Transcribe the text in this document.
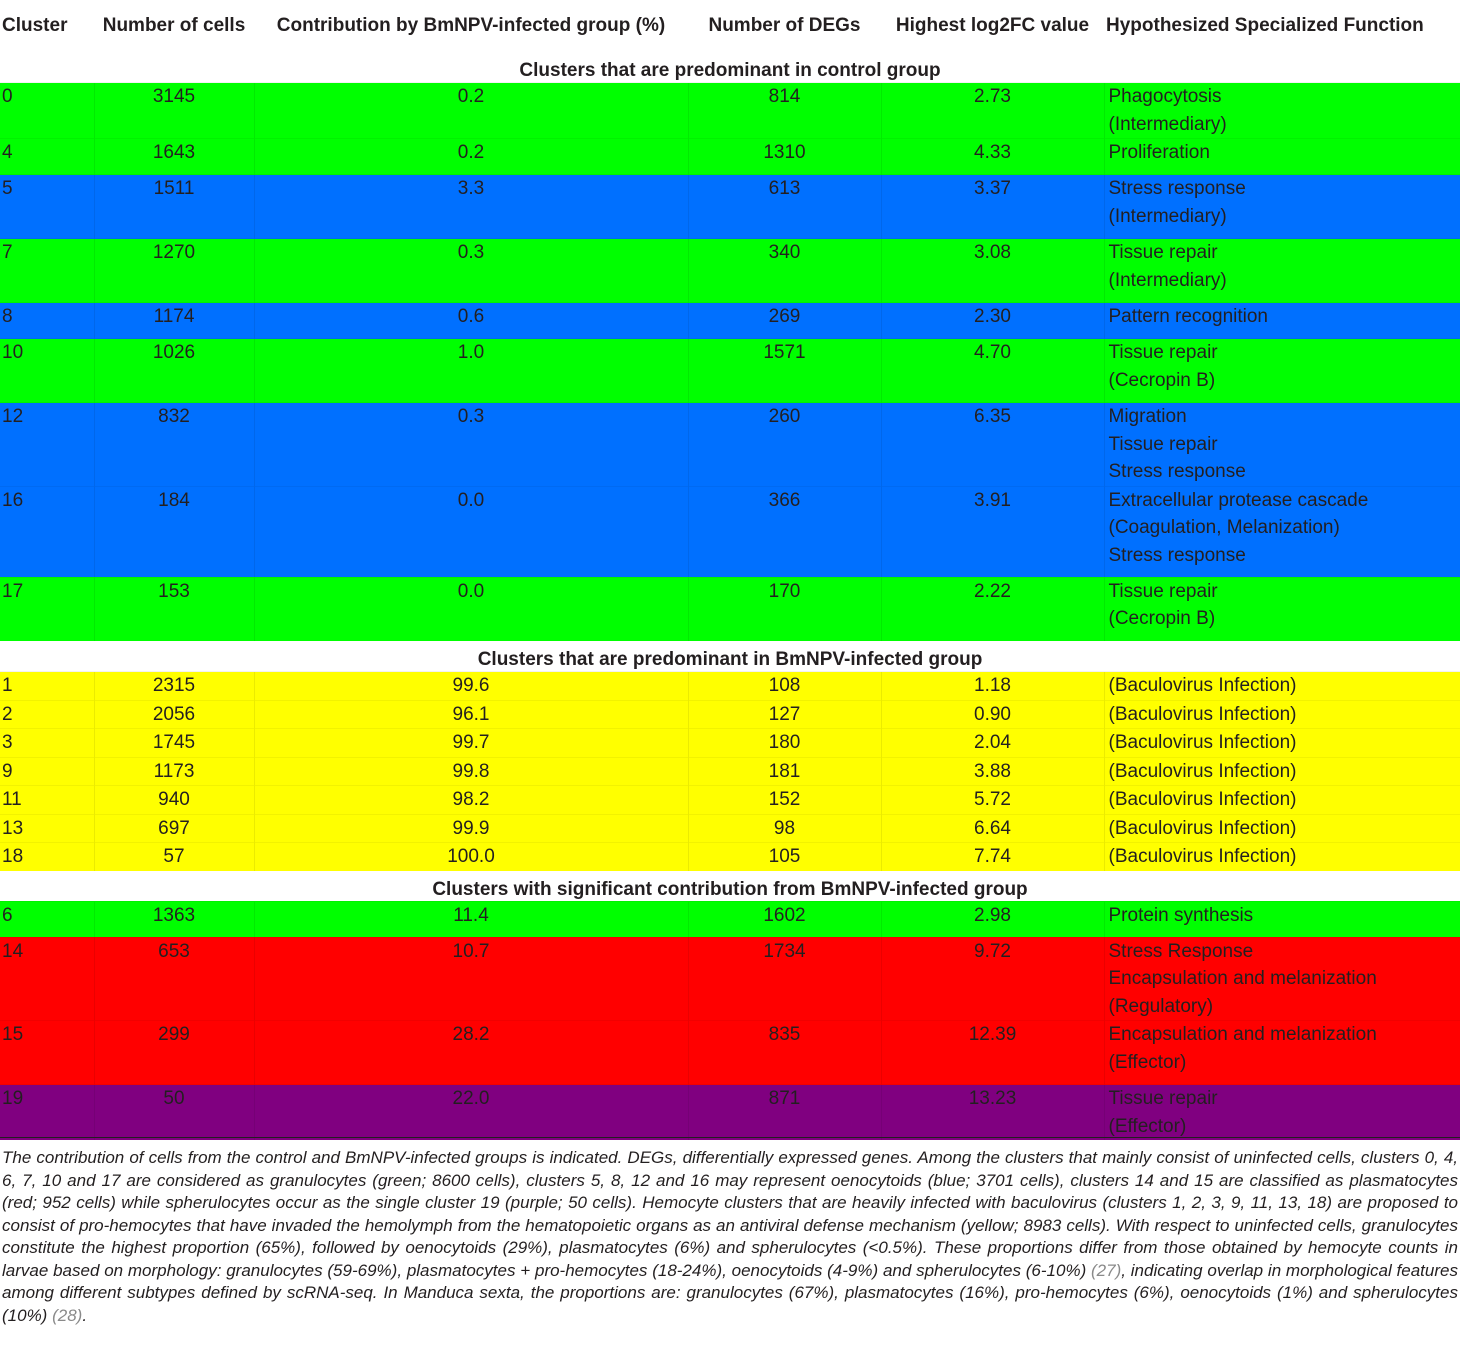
Cluster	Number of cells	Contribution by BmNPV-infected group (%)	Number of DEGs	Highest log2FC value	Hypothesized Specialized Function
Clusters that are predominant in control group					
0	3145	0.2	814	2.73	Phagocytosis
(Intermediary)

4	1643	0.2	1310	4.33	Proliferation

5	1511	3.3	613	3.37	Stress response
(Intermediary)

7	1270	0.3	340	3.08	Tissue repair
(Intermediary)

8	1174	0.6	269	2.30	Pattern recognition

10	1026	1.0	1571	4.70	Tissue repair
(Cecropin B)

12	832	0.3	260	6.35	Migration
Tissue repair
Stress response

16	184	0.0	366	3.91	Extracellular protease cascade
(Coagulation, Melanization)
Stress response

17	153	0.0	170	2.22	Tissue repair
(Cecropin B)

Clusters that are predominant in BmNPV-infected group					
1	2315	99.6	108	1.18	(Baculovirus Infection)

2	2056	96.1	127	0.90	(Baculovirus Infection)

3	1745	99.7	180	2.04	(Baculovirus Infection)

9	1173	99.8	181	3.88	(Baculovirus Infection)

11	940	98.2	152	5.72	(Baculovirus Infection)

13	697	99.9	98	6.64	(Baculovirus Infection)

18	57	100.0	105	7.74	(Baculovirus Infection)

Clusters with significant contribution from BmNPV-infected group					
6	1363	11.4	1602	2.98	Protein synthesis

14	653	10.7	1734	9.72	Stress Response
Encapsulation and melanization
(Regulatory)

15	299	28.2	835	12.39	Encapsulation and melanization
(Effector)

19	50	22.0	871	13.23	Tissue repair
(Effector)
The contribution of cells from the control and BmNPV-infected groups is indicated. DEGs, differentially expressed genes. Among the clusters that mainly consist of uninfected cells, clusters 0, 4, 6, 7, 10 and 17 are considered as granulocytes (green; 8600 cells), clusters 5, 8, 12 and 16 may represent oenocytoids (blue; 3701 cells), clusters 14 and 15 are classified as plasmatocytes (red; 952 cells) while spherulocytes occur as the single cluster 19 (purple; 50 cells). Hemocyte clusters that are heavily infected with baculovirus (clusters 1, 2, 3, 9, 11, 13, 18) are proposed to consist of pro-hemocytes that have invaded the hemolymph from the hematopoietic organs as an antiviral defense mechanism (yellow; 8983 cells). With respect to uninfected cells, granulocytes constitute the highest proportion (65%), followed by oenocytoids (29%), plasmatocytes (6%) and spherulocytes (<0.5%). These proportions differ from those obtained by hemocyte counts in larvae based on morphology: granulocytes (59-69%), plasmatocytes + pro-hemocytes (18-24%), oenocytoids (4-9%) and spherulocytes (6-10%) (27), indicating overlap in morphological features among different subtypes defined by scRNA-seq. In Manduca sexta, the proportions are: granulocytes (67%), plasmatocytes (16%), pro-hemocytes (6%), oenocytoids (1%) and spherulocytes (10%) (28).
